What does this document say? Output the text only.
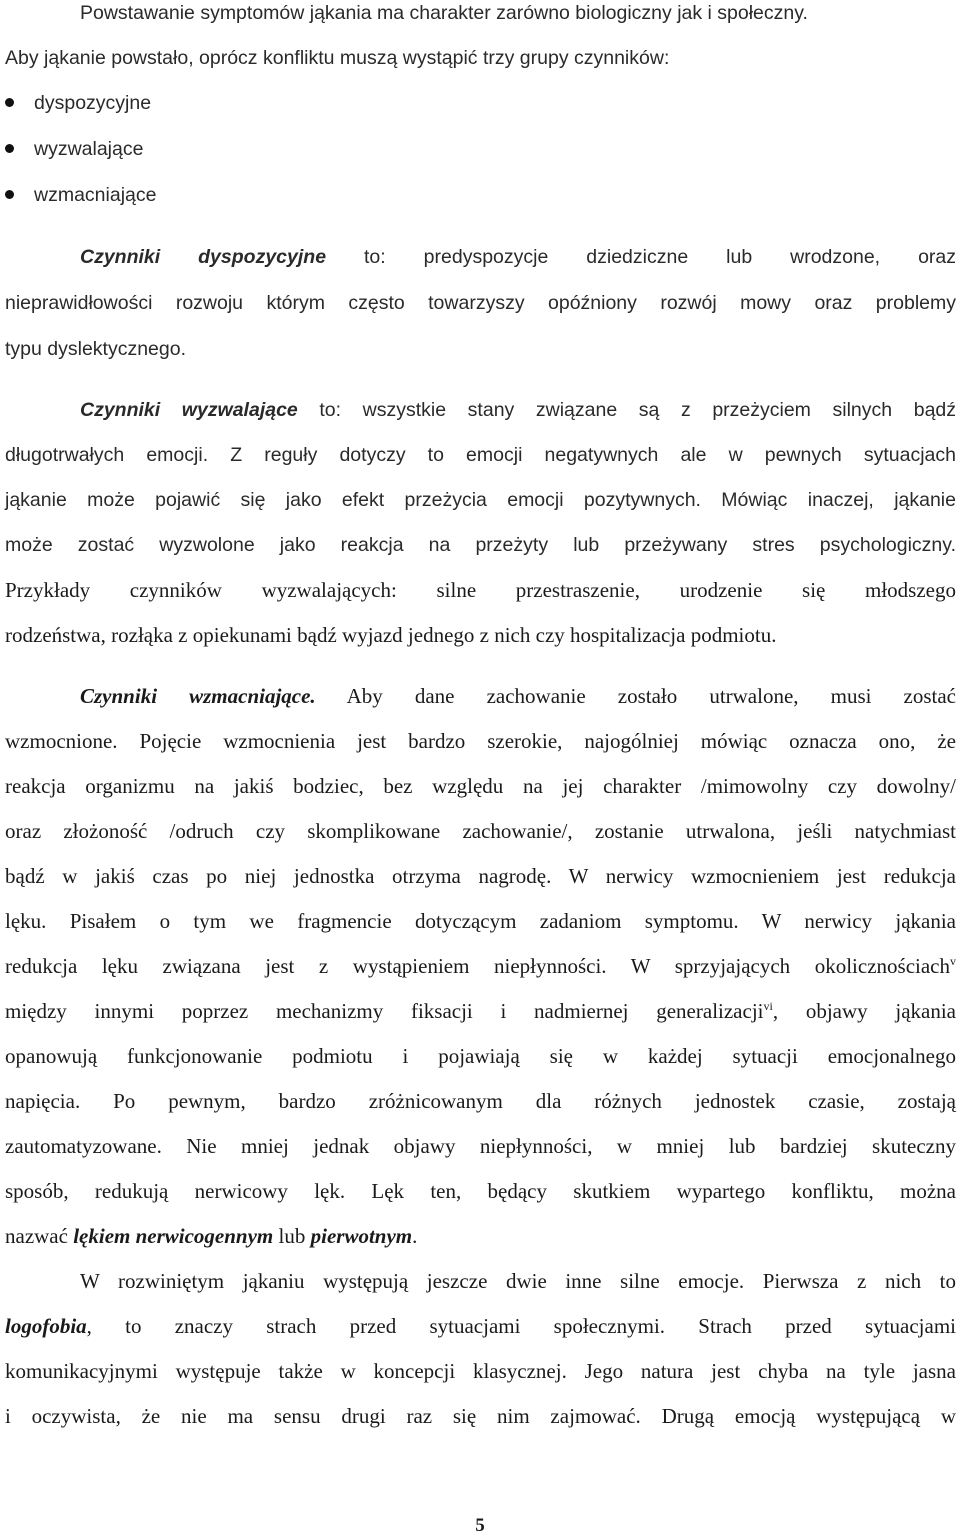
Powstawanie symptomów jąkania ma charakter zarówno biologiczny jak i społeczny.
Aby jąkanie powstało, oprócz konfliktu muszą wystąpić trzy grupy czynników:
dyspozycyjne
wyzwalające
wzmacniające
Czynniki dyspozycyjne to: predyspozycje dziedziczne lub wrodzone, oraz
nieprawidłowości rozwoju którym często towarzyszy opóźniony rozwój mowy oraz problemy
typu dyslektycznego.
Czynniki wyzwalające to: wszystkie stany związane są z przeżyciem silnych bądź
długotrwałych emocji. Z reguły dotyczy to emocji negatywnych ale w pewnych sytuacjach
jąkanie może pojawić się jako efekt przeżycia emocji pozytywnych. Mówiąc inaczej, jąkanie
może zostać wyzwolone jako reakcja na przeżyty lub przeżywany stres psychologiczny.
Przykłady czynników wyzwalających: silne przestraszenie, urodzenie się młodszego
rodzeństwa, rozłąka z opiekunami bądź wyjazd jednego z nich czy hospitalizacja podmiotu.
Czynniki wzmacniające. Aby dane zachowanie zostało utrwalone, musi zostać
wzmocnione. Pojęcie wzmocnienia jest bardzo szerokie, najogólniej mówiąc oznacza ono, że
reakcja organizmu na jakiś bodziec, bez względu na jej charakter /mimowolny czy dowolny/
oraz złożoność /odruch czy skomplikowane zachowanie/, zostanie utrwalona, jeśli natychmiast
bądź w jakiś czas po niej jednostka otrzyma nagrodę. W nerwicy wzmocnieniem jest redukcja
lęku. Pisałem o tym we fragmencie dotyczącym zadaniom symptomu. W nerwicy jąkania
redukcja lęku związana jest z wystąpieniem niepłynności. W sprzyjających okolicznościach$^v$
między innymi poprzez mechanizmy fiksacji i nadmiernej generalizacji$^{vi}$, objawy jąkania
opanowują funkcjonowanie podmiotu i pojawiają się w każdej sytuacji emocjonalnego
napięcia. Po pewnym, bardzo zróżnicowanym dla różnych jednostek czasie, zostają
zautomatyzowane. Nie mniej jednak objawy niepłynności, w mniej lub bardziej skuteczny
sposób, redukują nerwicowy lęk. Lęk ten, będący skutkiem wypartego konfliktu, można
nazwać lękiem nerwicogennym lub pierwotnym.
W rozwiniętym jąkaniu występują jeszcze dwie inne silne emocje. Pierwsza z nich to
logofobia, to znaczy strach przed sytuacjami społecznymi. Strach przed sytuacjami
komunikacyjnymi występuje także w koncepcji klasycznej. Jego natura jest chyba na tyle jasna
i oczywista, że nie ma sensu drugi raz się nim zajmować. Drugą emocją występującą w
5
